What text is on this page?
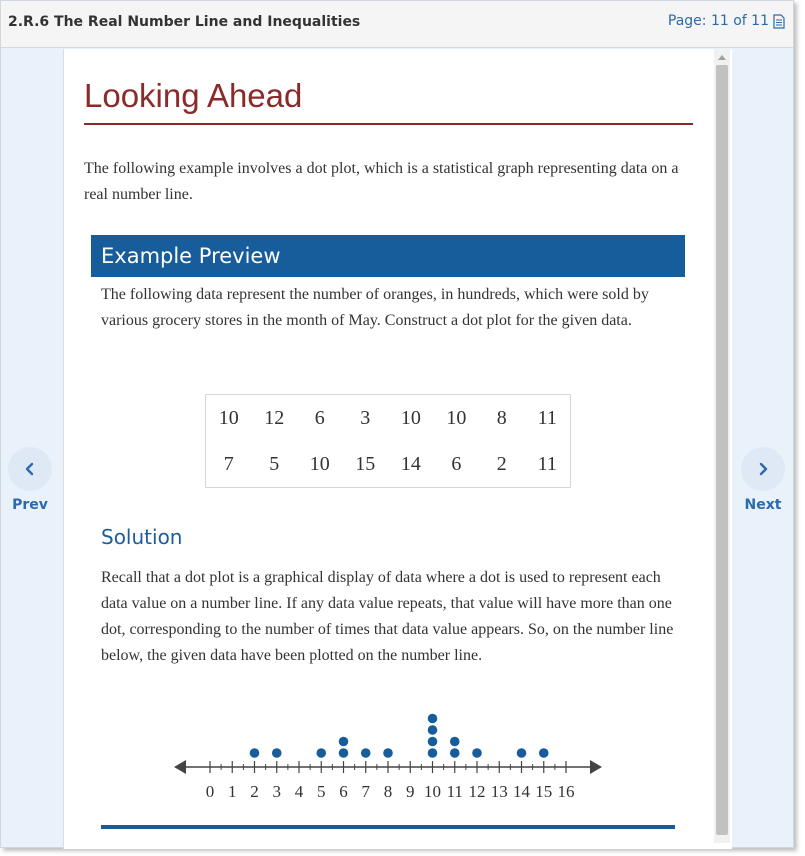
2.R.6 The Real Number Line and Inequalities	Page: 11 of 11
Prev	Next
Looking Ahead
The following example involves a dot plot, which is a statistical graph representing data on a real number line.
Example Preview
The following data represent the number of oranges, in hundreds, which were sold by various grocery stores in the month of May. Construct a dot plot for the given data.
10	12	6	3	10	10	8	11
7	5	10	15	14	6	2	11
Solution
Recall that a dot plot is a graphical display of data where a dot is used to represent each data value on a number line. If any data value repeats, that value will have more than one dot, corresponding to the number of times that data value appears. So, on the number line below, the given data have been plotted on the number line.
0 1 2 3 4 5 6 7 8 9 10 11 12 13 14 15 16
